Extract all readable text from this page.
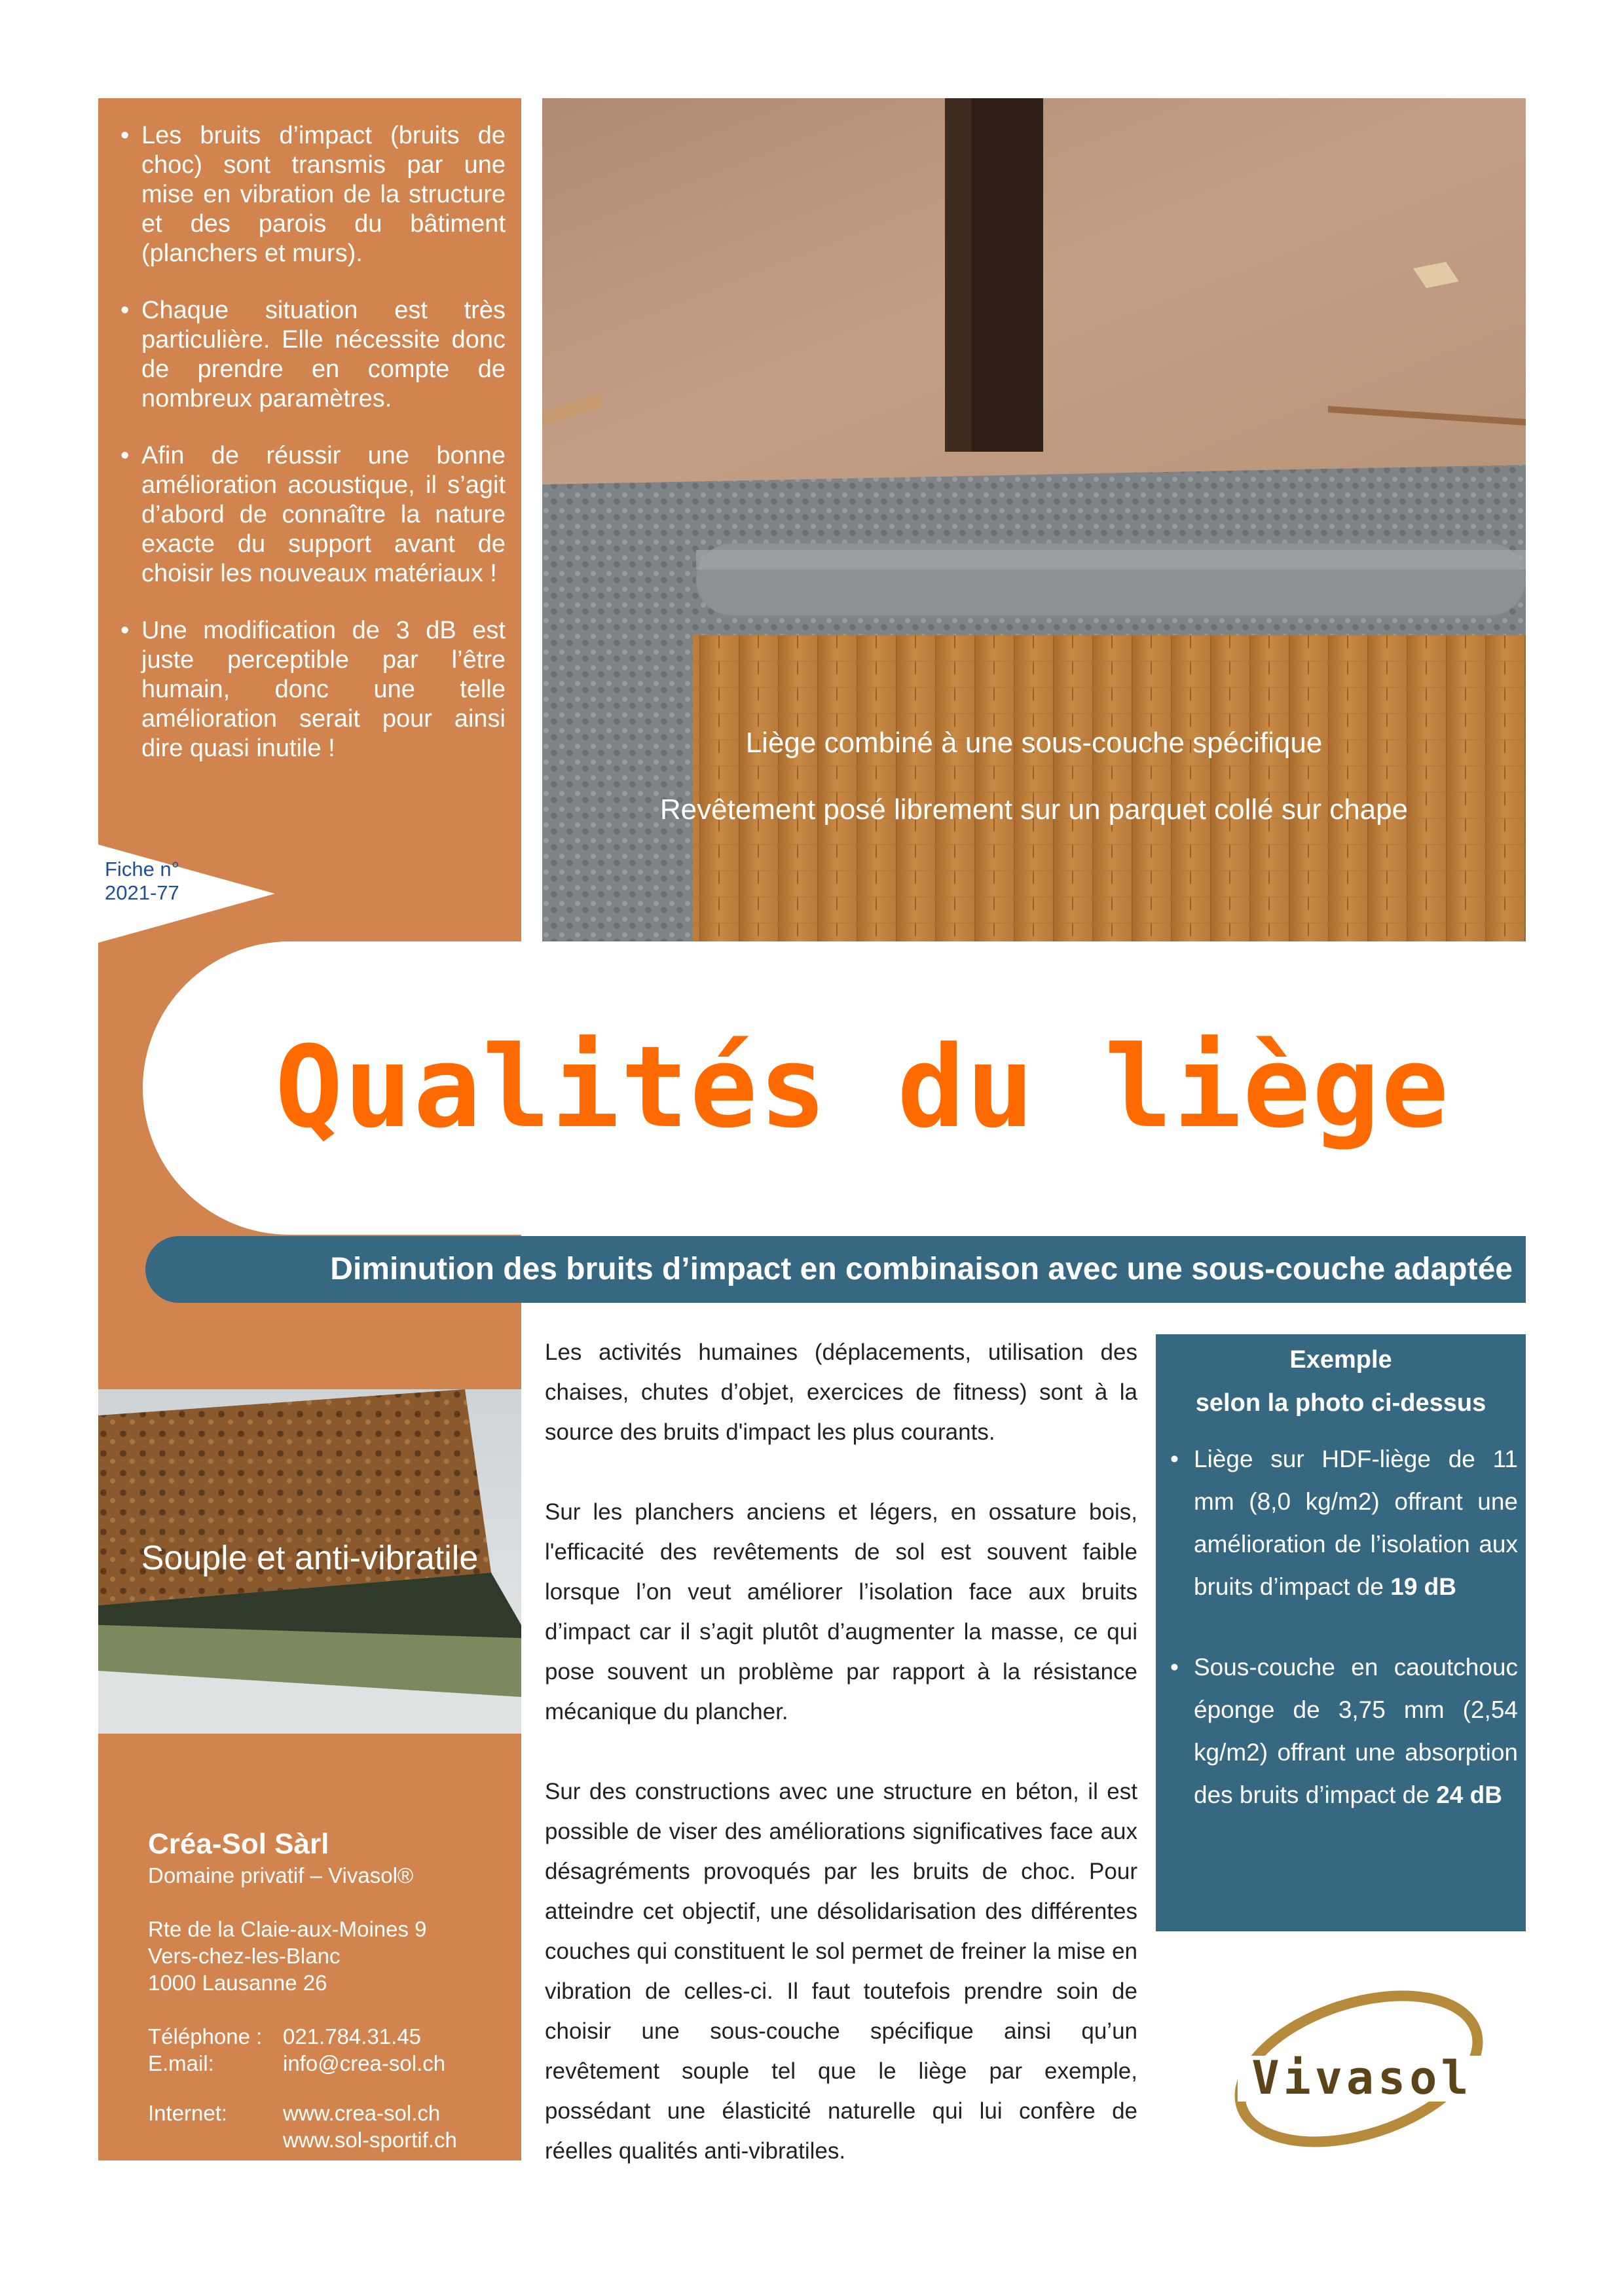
• Les bruits d’impact (bruits de choc) sont transmis par une mise en vibration de la structure et des parois du bâtiment (planchers et murs).
• Chaque situation est très particulière. Elle nécessite donc de prendre en compte de nombreux paramètres.
• Afin de réussir une bonne amélioration acoustique, il s’agit d’abord de connaître la nature exacte du support avant de choisir les nouveaux matériaux !
• Une modification de 3 dB est juste perceptible par l’être humain, donc une telle amélioration serait pour ainsi dire quasi inutile !
Fiche n°
2021-77
Liège combiné à une sous-couche spécifique
Revêtement posé librement sur un parquet collé sur chape
Qualités du liège
Diminution des bruits d’impact en combinaison avec une sous-couche adaptée
Souple et anti-vibratile
Créa-Sol Sàrl
Domaine privatif – Vivasol®
Rte de la Claie-aux-Moines 9
Vers-chez-les-Blanc
1000 Lausanne 26
Téléphone : 021.784.31.45
E.mail:	info@crea-sol.ch
Internet:	www.crea-sol.ch
www.sol-sportif.ch

Les activités humaines (déplacements, utilisation des chaises, chutes d’objet, exercices de fitness) sont à la source des bruits d'impact les plus courants.

Sur les planchers anciens et légers, en ossature bois, l'efficacité des revêtements de sol est souvent faible lorsque l’on veut améliorer l’isolation face aux bruits d’impact car il s’agit plutôt d’augmenter la masse, ce qui pose souvent un problème par rapport à la résistance mécanique du plancher.

Sur des constructions avec une structure en béton, il est possible de viser des améliorations significatives face aux désagréments provoqués par les bruits de choc. Pour atteindre cet objectif, une désolidarisation des différentes couches qui constituent le sol permet de freiner la mise en vibration de celles-ci. Il faut toutefois prendre soin de choisir une sous-couche spécifique ainsi qu’un revêtement souple tel que le liège par exemple, possédant une élasticité naturelle qui lui confère de réelles qualités anti-vibratiles.

Exemple
selon la photo ci-dessus
• Liège sur HDF-liège de 11 mm (8,0 kg/m2) offrant une amélioration de l’isolation aux bruits d’impact de 19 dB
• Sous-couche en caoutchouc éponge de 3,75 mm (2,54 kg/m2) offrant une absorption des bruits d’impact de 24 dB
Vivasol
